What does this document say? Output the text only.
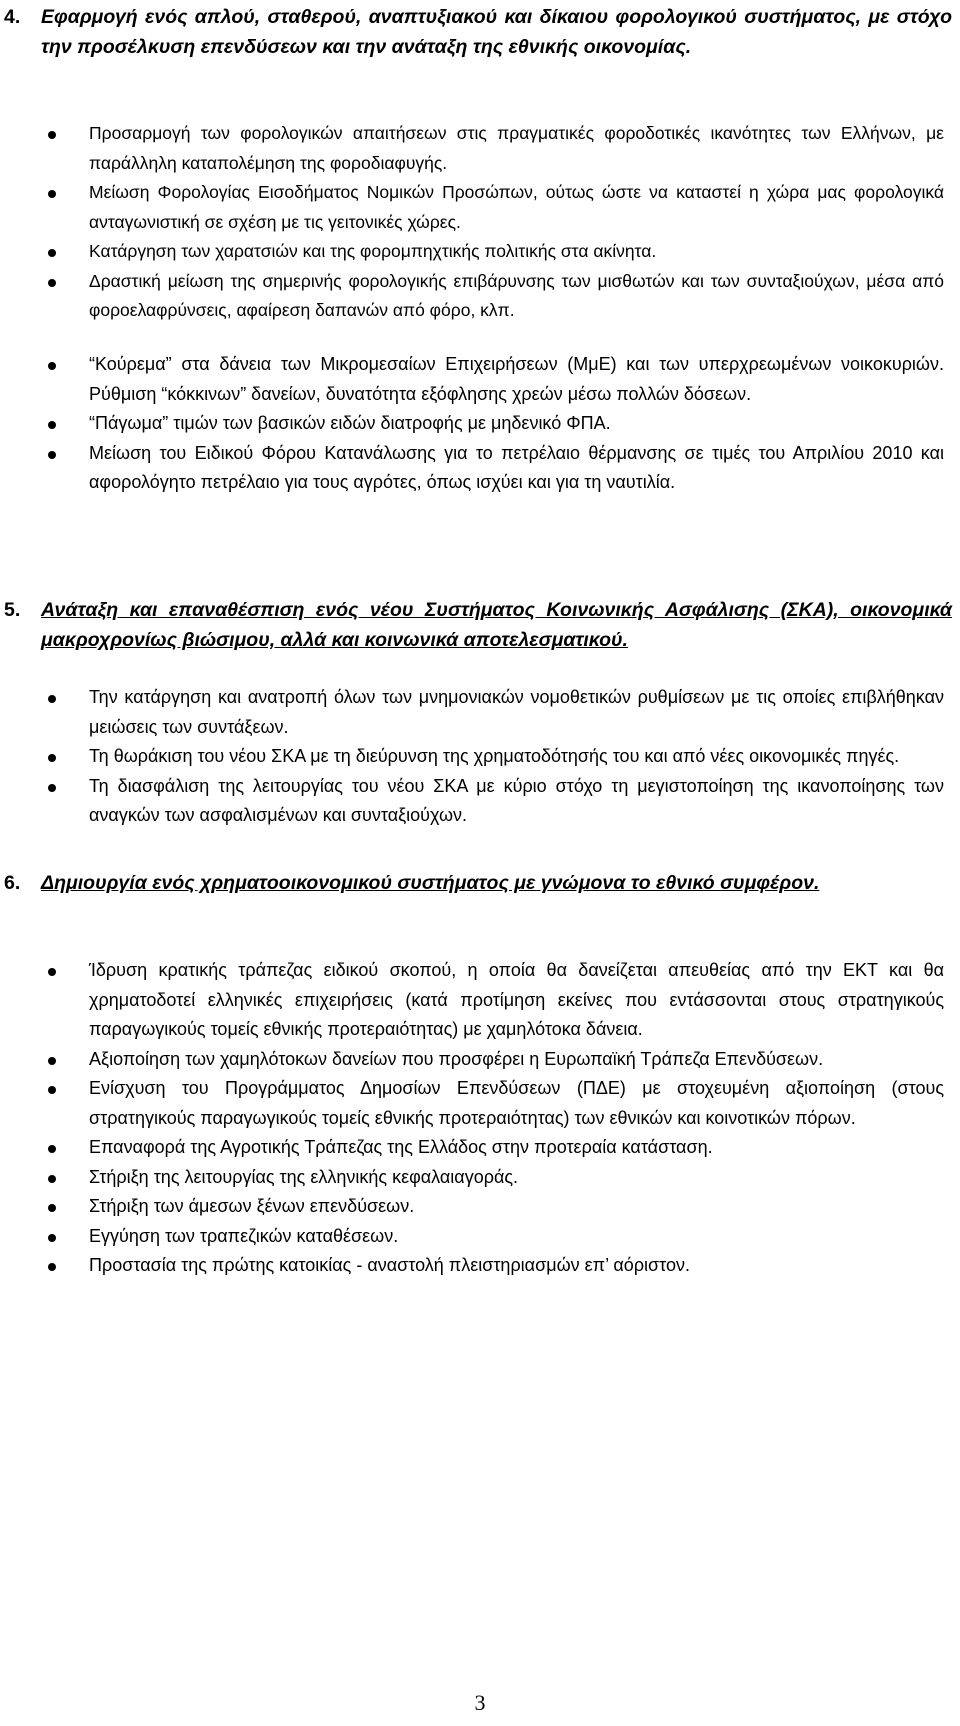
4. Εφαρμογή ενός απλού, σταθερού, αναπτυξιακού και δίκαιου φορολογικού συστήματος, με στόχο την προσέλκυση επενδύσεων και την ανάταξη της εθνικής οικονομίας.
Προσαρμογή των φορολογικών απαιτήσεων στις πραγματικές φοροδοτικές ικανότητες των Ελλήνων, με παράλληλη καταπολέμηση της φοροδιαφυγής.
Μείωση Φορολογίας Εισοδήματος Νομικών Προσώπων, ούτως ώστε να καταστεί η χώρα μας φορολογικά ανταγωνιστική σε σχέση με τις γειτονικές χώρες.
Κατάργηση των χαρατσιών και της φορομπηχτικής πολιτικής στα ακίνητα.
Δραστική μείωση της σημερινής φορολογικής επιβάρυνσης των μισθωτών και των συνταξιούχων, μέσα από φοροελαφρύνσεις, αφαίρεση δαπανών από φόρο, κλπ.
“Κούρεμα” στα δάνεια των Μικρομεσαίων Επιχειρήσεων (ΜμΕ) και των υπερχρεωμένων νοικοκυριών. Ρύθμιση “κόκκινων” δανείων, δυνατότητα εξόφλησης χρεών μέσω πολλών δόσεων.
“Πάγωμα” τιμών των βασικών ειδών διατροφής με μηδενικό ΦΠΑ.
Μείωση του Ειδικού Φόρου Κατανάλωσης για το πετρέλαιο θέρμανσης σε τιμές του Απριλίου 2010 και αφορολόγητο πετρέλαιο για τους αγρότες, όπως ισχύει και για τη ναυτιλία.
5. Ανάταξη και επαναθέσπιση ενός νέου Συστήματος Κοινωνικής Ασφάλισης (ΣΚΑ), οικονομικά μακροχρονίως βιώσιμου, αλλά και κοινωνικά αποτελεσματικού.
Την κατάργηση και ανατροπή όλων των μνημονιακών νομοθετικών ρυθμίσεων με τις οποίες επιβλήθηκαν μειώσεις των συντάξεων.
Τη θωράκιση του νέου ΣΚΑ με τη διεύρυνση της χρηματοδότησής του και από νέες οικονομικές πηγές.
Τη διασφάλιση της λειτουργίας του νέου ΣΚΑ με κύριο στόχο τη μεγιστοποίηση της ικανοποίησης των αναγκών των ασφαλισμένων και συνταξιούχων.
6. Δημιουργία ενός χρηματοοικονομικού συστήματος με γνώμονα το εθνικό συμφέρον.
Ίδρυση κρατικής τράπεζας ειδικού σκοπού, η οποία θα δανείζεται απευθείας από την ΕΚΤ και θα χρηματοδοτεί ελληνικές επιχειρήσεις (κατά προτίμηση εκείνες που εντάσσονται στους στρατηγικούς παραγωγικούς τομείς εθνικής προτεραιότητας) με χαμηλότοκα δάνεια.
Αξιοποίηση των χαμηλότοκων δανείων που προσφέρει η Ευρωπαϊκή Τράπεζα Επενδύσεων.
Ενίσχυση του Προγράμματος Δημοσίων Επενδύσεων (ΠΔΕ) με στοχευμένη αξιοποίηση (στους στρατηγικούς παραγωγικούς τομείς εθνικής προτεραιότητας) των εθνικών και κοινοτικών πόρων.
Επαναφορά της Αγροτικής Τράπεζας της Ελλάδος στην προτεραία κατάσταση.
Στήριξη της λειτουργίας της ελληνικής κεφαλαιαγοράς.
Στήριξη των άμεσων ξένων επενδύσεων.
Εγγύηση των τραπεζικών καταθέσεων.
Προστασία της πρώτης κατοικίας - αναστολή πλειστηριασμών επ’ αόριστον.
3
